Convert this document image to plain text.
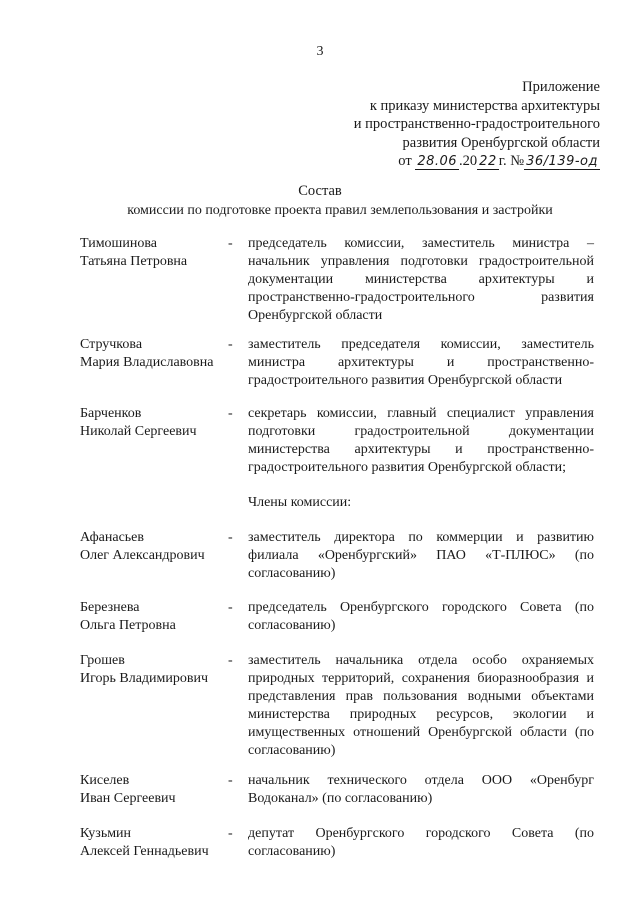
3
Приложение
к приказу министерства архитектуры
и пространственно-градостроительного
развития Оренбургской области
от 28.06 .20 22 г. № 36/139-од
Состав
комиссии по подготовке проекта правил землепользования и застройки
Тимошинова
Татьяна Петровна
- председатель комиссии, заместитель министра – начальник управления подготовки градостроительной документации министерства архитектуры и пространственно-градостроительного развития Оренбургской области
Стручкова
Мария Владиславовна
- заместитель председателя комиссии, заместитель министра архитектуры и пространственно-градостроительного развития Оренбургской области
Барченков
Николай Сергеевич
- секретарь комиссии, главный специалист управления подготовки градостроительной документации министерства архитектуры и пространственно-градостроительного развития Оренбургской области;
Члены комиссии:
Афанасьев
Олег Александрович
- заместитель директора по коммерции и развитию филиала «Оренбургский» ПАО «Т-ПЛЮС» (по согласованию)
Березнева
Ольга Петровна
- председатель Оренбургского городского Совета (по согласованию)
Грошев
Игорь Владимирович
- заместитель начальника отдела особо охраняемых природных территорий, сохранения биоразнообразия и представления прав пользования водными объектами министерства природных ресурсов, экологии и имущественных отношений Оренбургской области (по согласованию)
Киселев
Иван Сергеевич
- начальник технического отдела ООО «Оренбург Водоканал» (по согласованию)
Кузьмин
Алексей Геннадьевич
- депутат Оренбургского городского Совета (по согласованию)
